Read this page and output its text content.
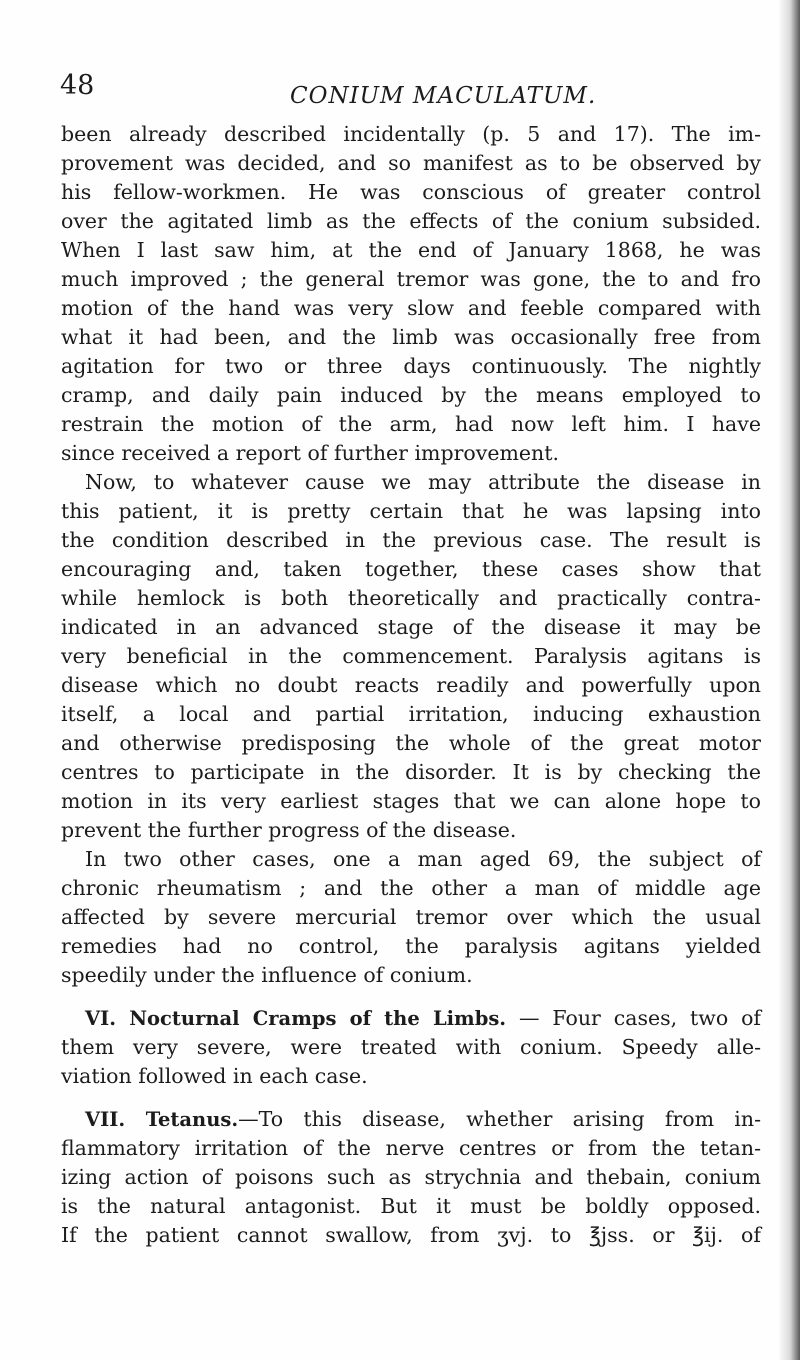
48	CONIUM MACULATUM.
been already described incidentally (p. 5 and 17). The im-
provement was decided, and so manifest as to be observed by
his fellow-workmen. He was conscious of greater control
over the agitated limb as the effects of the conium subsided.
When I last saw him, at the end of January 1868, he was
much improved ; the general tremor was gone, the to and fro
motion of the hand was very slow and feeble compared with
what it had been, and the limb was occasionally free from
agitation for two or three days continuously. The nightly
cramp, and daily pain induced by the means employed to
restrain the motion of the arm, had now left him. I have
since received a report of further improvement.
Now, to whatever cause we may attribute the disease in
this patient, it is pretty certain that he was lapsing into
the condition described in the previous case. The result is
encouraging and, taken together, these cases show that
while hemlock is both theoretically and practically contra-
indicated in an advanced stage of the disease it may be
very beneficial in the commencement. Paralysis agitans is
disease which no doubt reacts readily and powerfully upon
itself, a local and partial irritation, inducing exhaustion
and otherwise predisposing the whole of the great motor
centres to participate in the disorder. It is by checking the
motion in its very earliest stages that we can alone hope to
prevent the further progress of the disease.
In two other cases, one a man aged 69, the subject of
chronic rheumatism ; and the other a man of middle age
affected by severe mercurial tremor over which the usual
remedies had no control, the paralysis agitans yielded
speedily under the influence of conium.
VI. Nocturnal Cramps of the Limbs. — Four cases, two of
them very severe, were treated with conium. Speedy alle-
viation followed in each case.
VII. Tetanus.—To this disease, whether arising from in-
flammatory irritation of the nerve centres or from the tetan-
izing action of poisons such as strychnia and thebain, conium
is the natural antagonist. But it must be boldly opposed.
If the patient cannot swallow, from ʒvj. to ℥jss. or ℥ij. of
